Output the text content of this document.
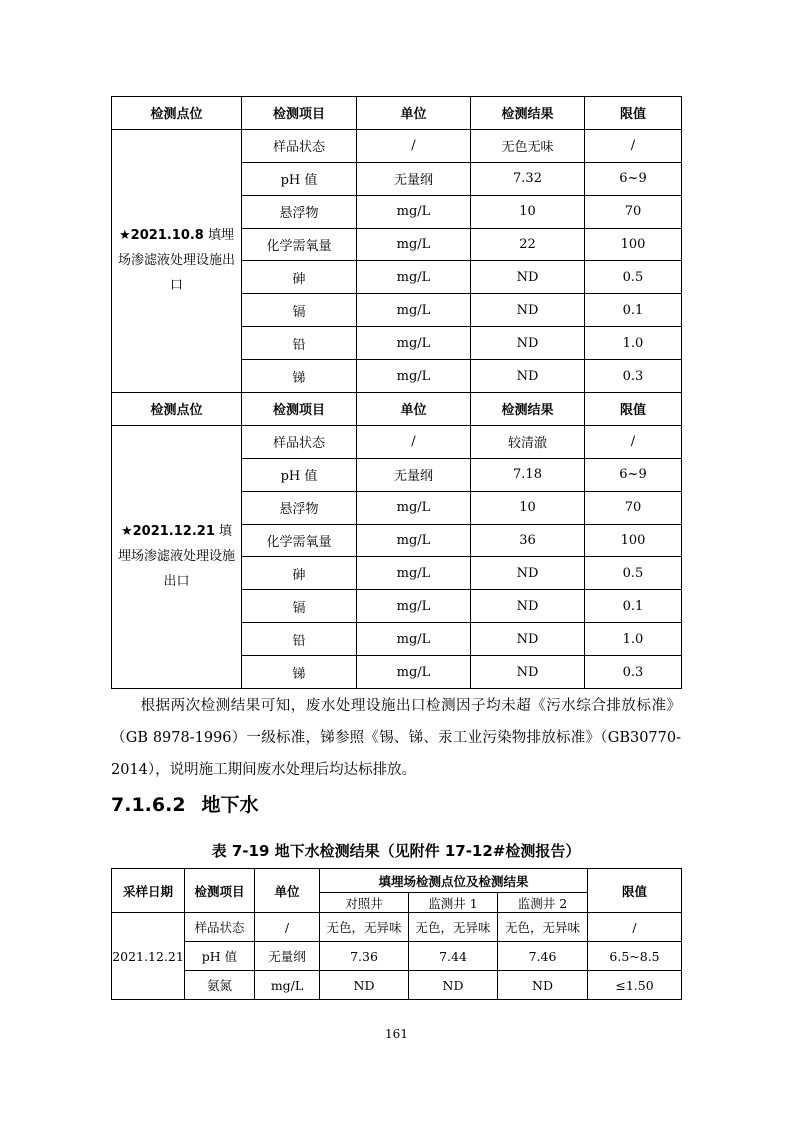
检测点位	检测项目	单位	检测结果	限值
★2021.10.8 填埋场渗滤液处理设施出口	样品状态	/	无色无味	/
	pH 值	无量纲	7.32	6~9
	悬浮物	mg/L	10	70
	化学需氧量	mg/L	22	100
	砷	mg/L	ND	0.5
	镉	mg/L	ND	0.1
	铅	mg/L	ND	1.0
	锑	mg/L	ND	0.3
检测点位	检测项目	单位	检测结果	限值
★2021.12.21 填埋场渗滤液处理设施出口	样品状态	/	较清澈	/
	pH 值	无量纲	7.18	6~9
	悬浮物	mg/L	10	70
	化学需氧量	mg/L	36	100
	砷	mg/L	ND	0.5
	镉	mg/L	ND	0.1
	铅	mg/L	ND	1.0
	锑	mg/L	ND	0.3

根据两次检测结果可知，废水处理设施出口检测因子均未超《污水综合排放标准》（GB 8978-1996）一级标准，锑参照《锡、锑、汞工业污染物排放标准》（GB30770-2014），说明施工期间废水处理后均达标排放。

7.1.6.2 地下水

表 7-19 地下水检测结果（见附件 17-12#检测报告）

采样日期	检测项目	单位	填埋场检测点位及检测结果			限值
			对照井	监测井 1	监测井 2	
2021.12.21	样品状态	/	无色，无异味	无色，无异味	无色，无异味	/
	pH 值	无量纲	7.36	7.44	7.46	6.5~8.5
	氨氮	mg/L	ND	ND	ND	≤1.50

161
